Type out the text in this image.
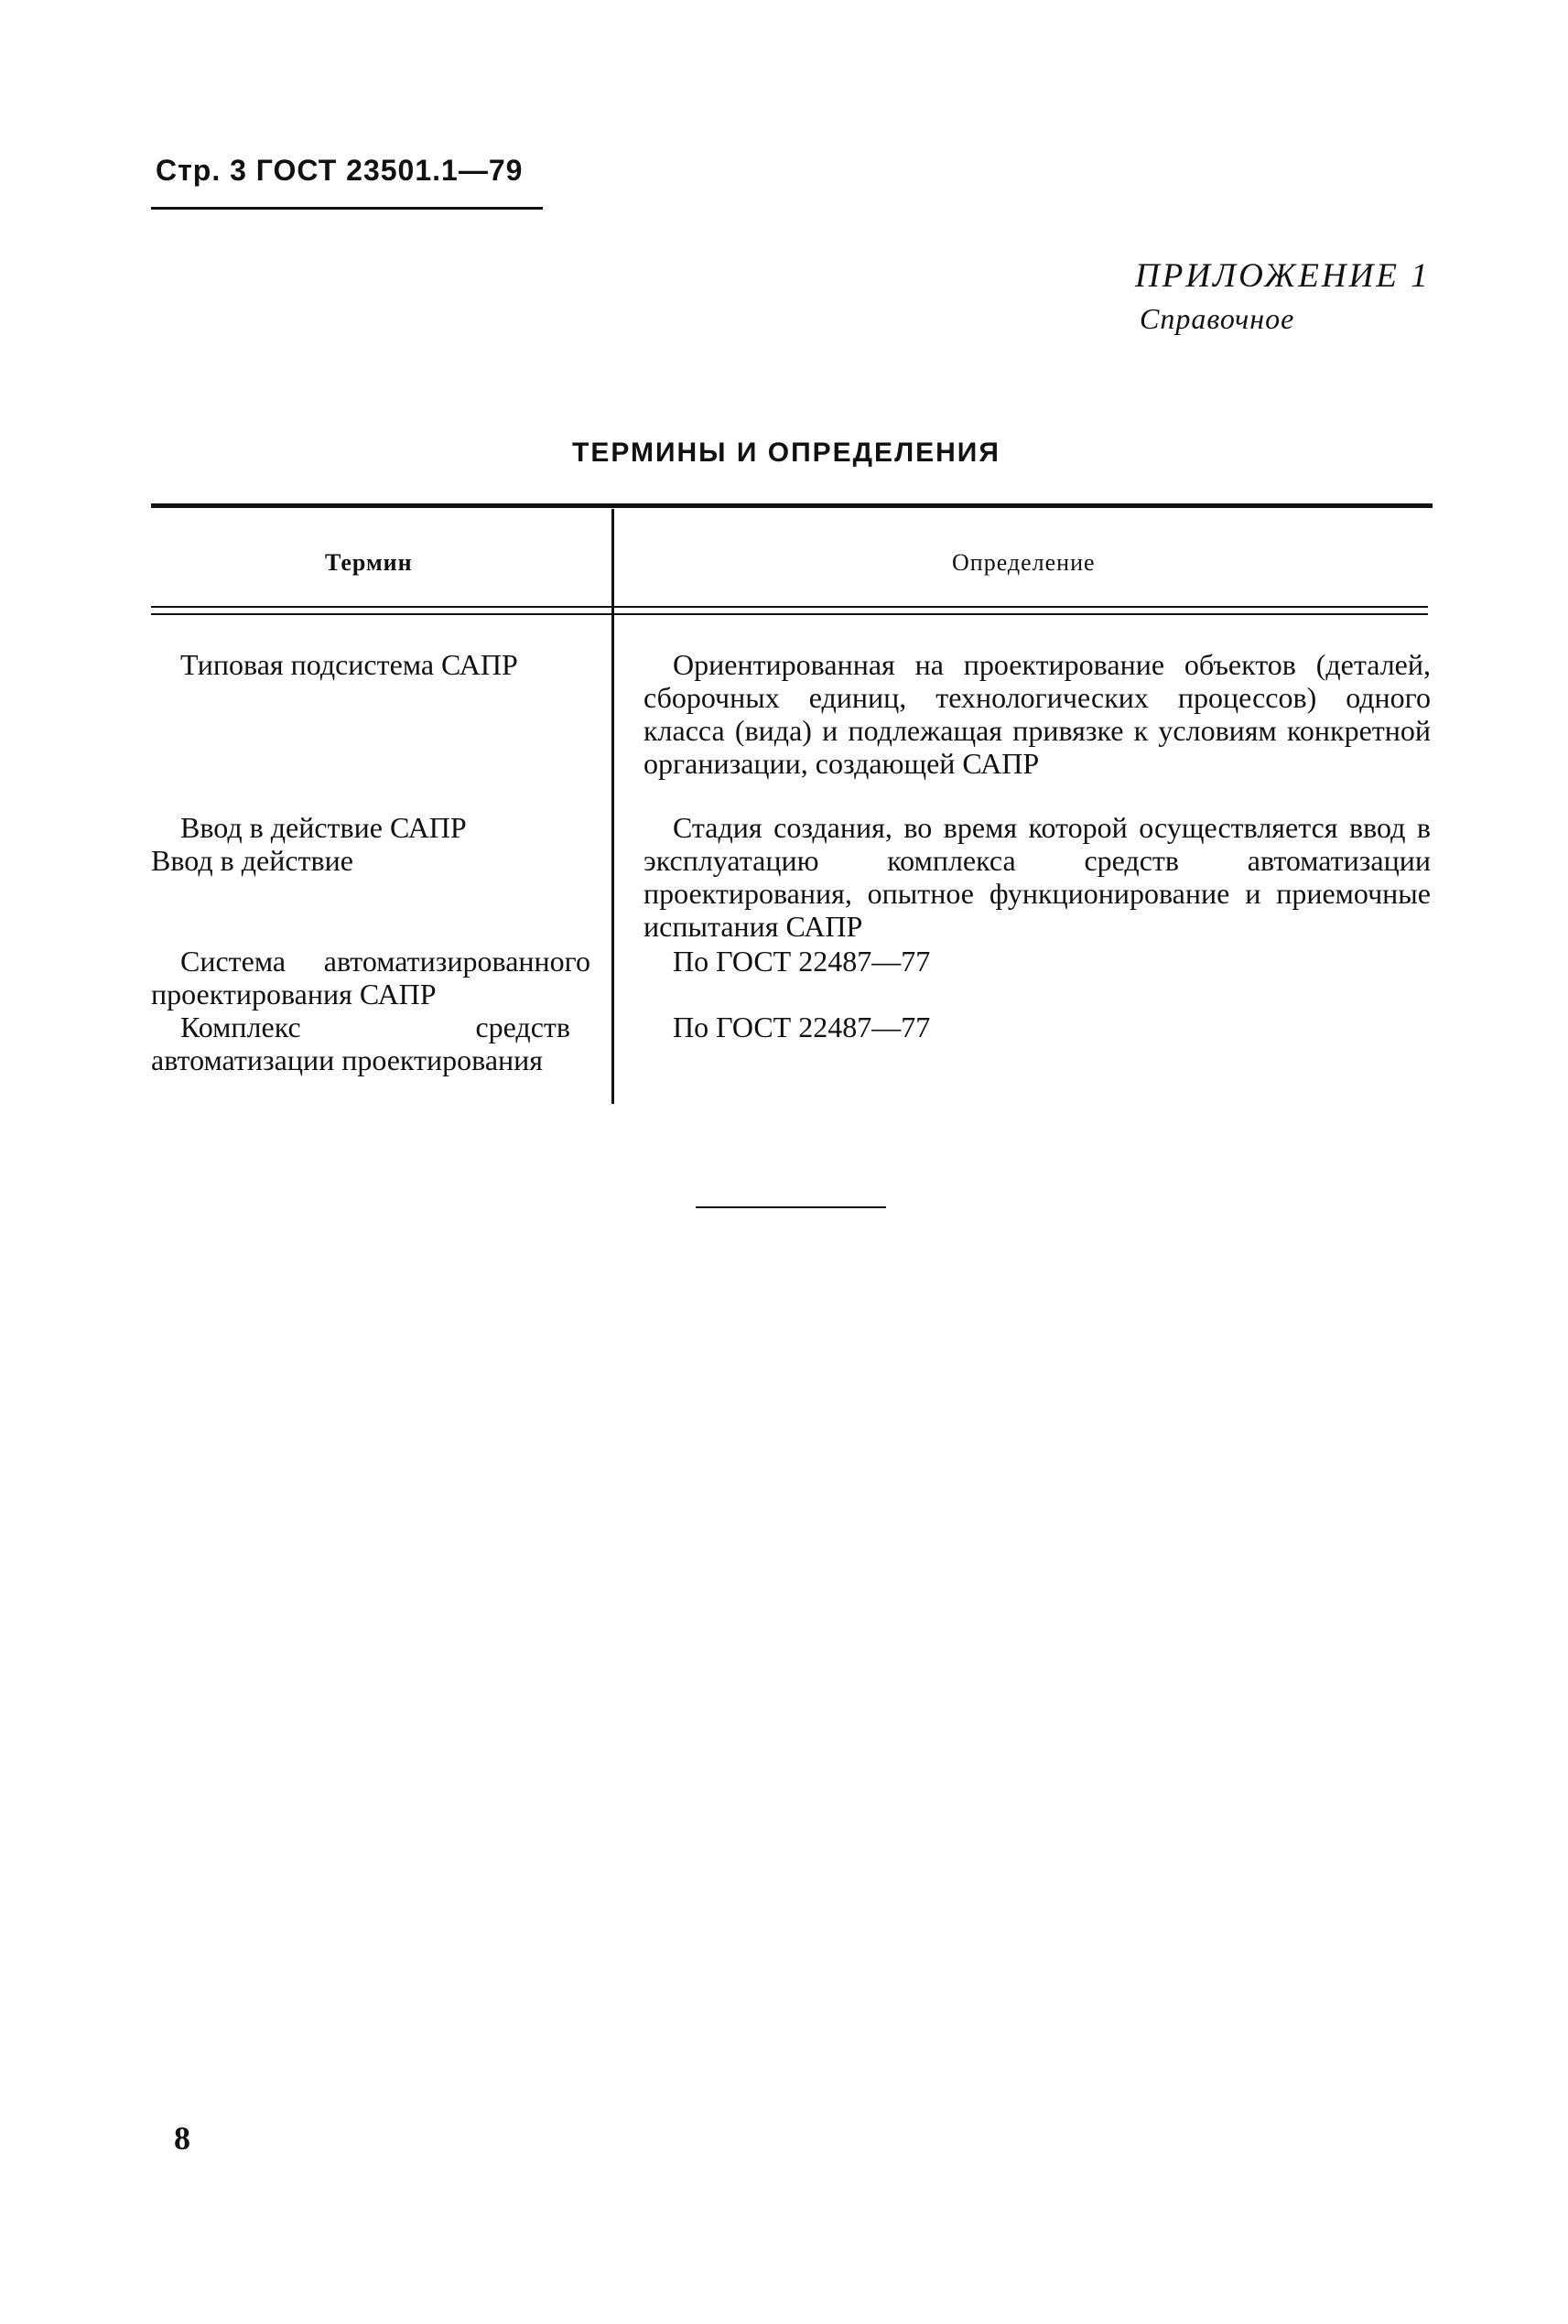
Стр. 3 ГОСТ 23501.1—79
ПРИЛОЖЕНИЕ 1
Справочное
ТЕРМИНЫ И ОПРЕДЕЛЕНИЯ
Термин	Определение
Типовая подсистема САПР	Ориентированная на проектирование объектов (деталей, сборочных единиц, технологических процессов) одного класса (вида) и подлежащая привязке к условиям конкретной организации, создающей САПР
Ввод в действие САПР
Ввод в действие
Стадия создания, во время которой осуществляется ввод в эксплуатацию комплекса средств автоматизации проектирования, опытное функционирование и приемочные испытания САПР
Система автоматизированного проектирования САПР
По ГОСТ 22487—77
Комплекс средств автоматизации проектирования
По ГОСТ 22487—77
8
